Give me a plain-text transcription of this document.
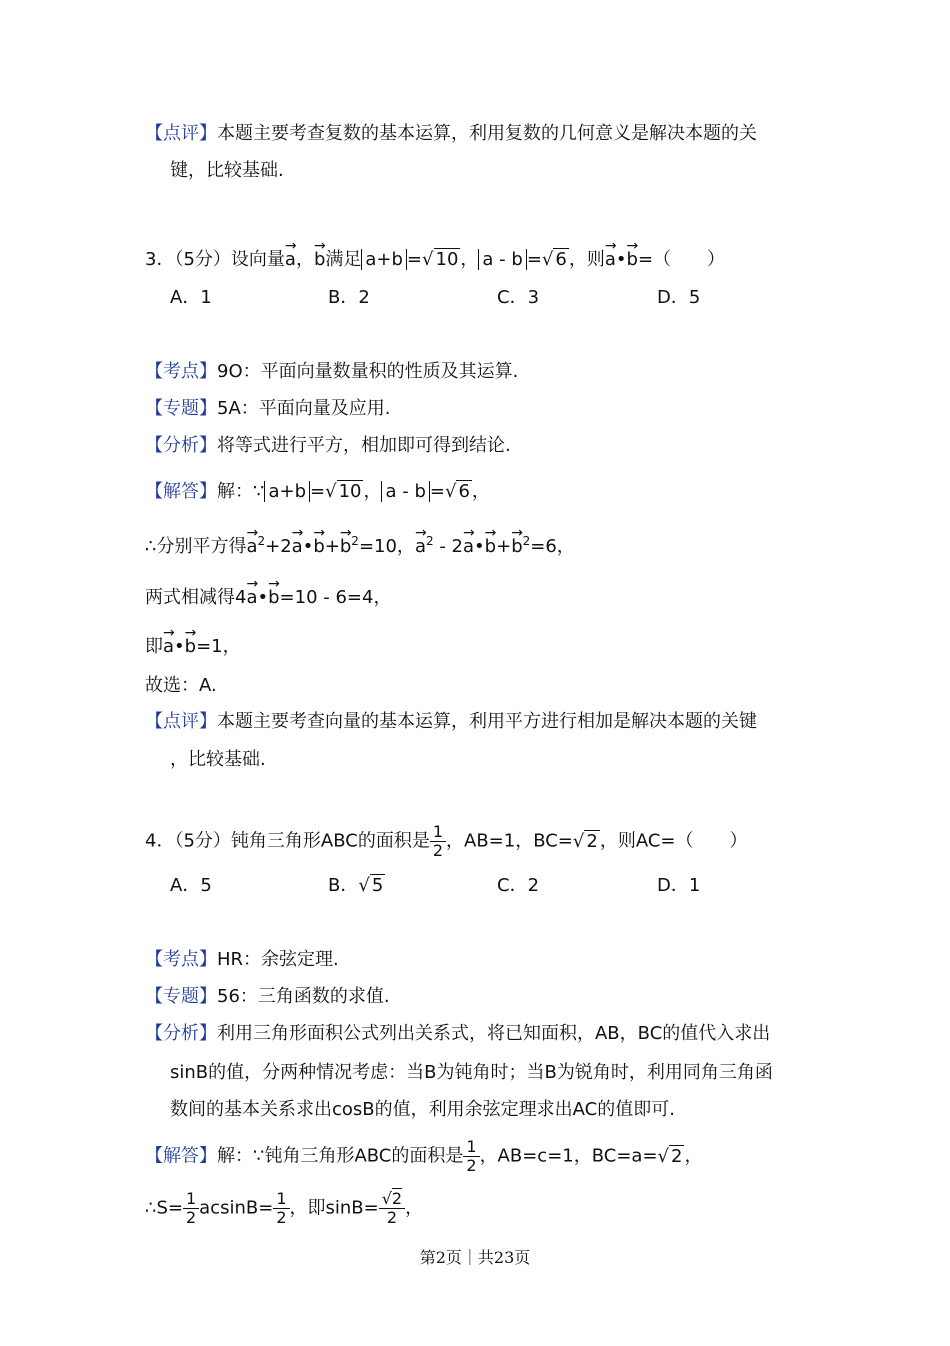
【点评】本题主要考查复数的基本运算，利用复数的几何意义是解决本题的关
键，比较基础.
3．（5分）设向量→ a，→ b满足 a+b =√ 10 ， a - b =√ 6 ，则→ a•→ b=（　　）
A．1	B．2	C．3	D．5
【考点】9O：平面向量数量积的性质及其运算.
【专题】5A：平面向量及应用.
【分析】将等式进行平方，相加即可得到结论.
【解答】解：∵ a+b =√ 10 ， a - b =√ 6 ，
∴分别平方得→ $a^2+2\to$ a•→ $b+\to b^2=10$，→ $a^2 - 2\to$ a•→ $b+\to b^2=6$，
两式相减得4→ a•→ b=10 - 6=4，
即→ a•→ b=1，
故选：A.
【点评】本题主要考查向量的基本运算，利用平方进行相加是解决本题的关键
，比较基础.
4．（5分）钝角三角形ABC的面积是 $\frac{1}{2}$ ，AB=1，BC=√ 2 ，则AC=（　　）
A．5	B．√ 5	C．2	D．1
【考点】HR：余弦定理.
【专题】56：三角函数的求值.
【分析】利用三角形面积公式列出关系式，将已知面积，AB，BC的值代入求出
sinB的值，分两种情况考虑：当B为钝角时；当B为锐角时，利用同角三角函
数间的基本关系求出cosB的值，利用余弦定理求出AC的值即可.
【解答】解：∵钝角三角形ABC的面积是 $\frac{1}{2}$ ，AB=c=1，BC=a=√ 2 ，
∴S= $\frac{1}{2} acsinB= \frac{1}{2}$ ，即$\sin B= \frac{√2}{2}$ ，
第2页｜共23页
